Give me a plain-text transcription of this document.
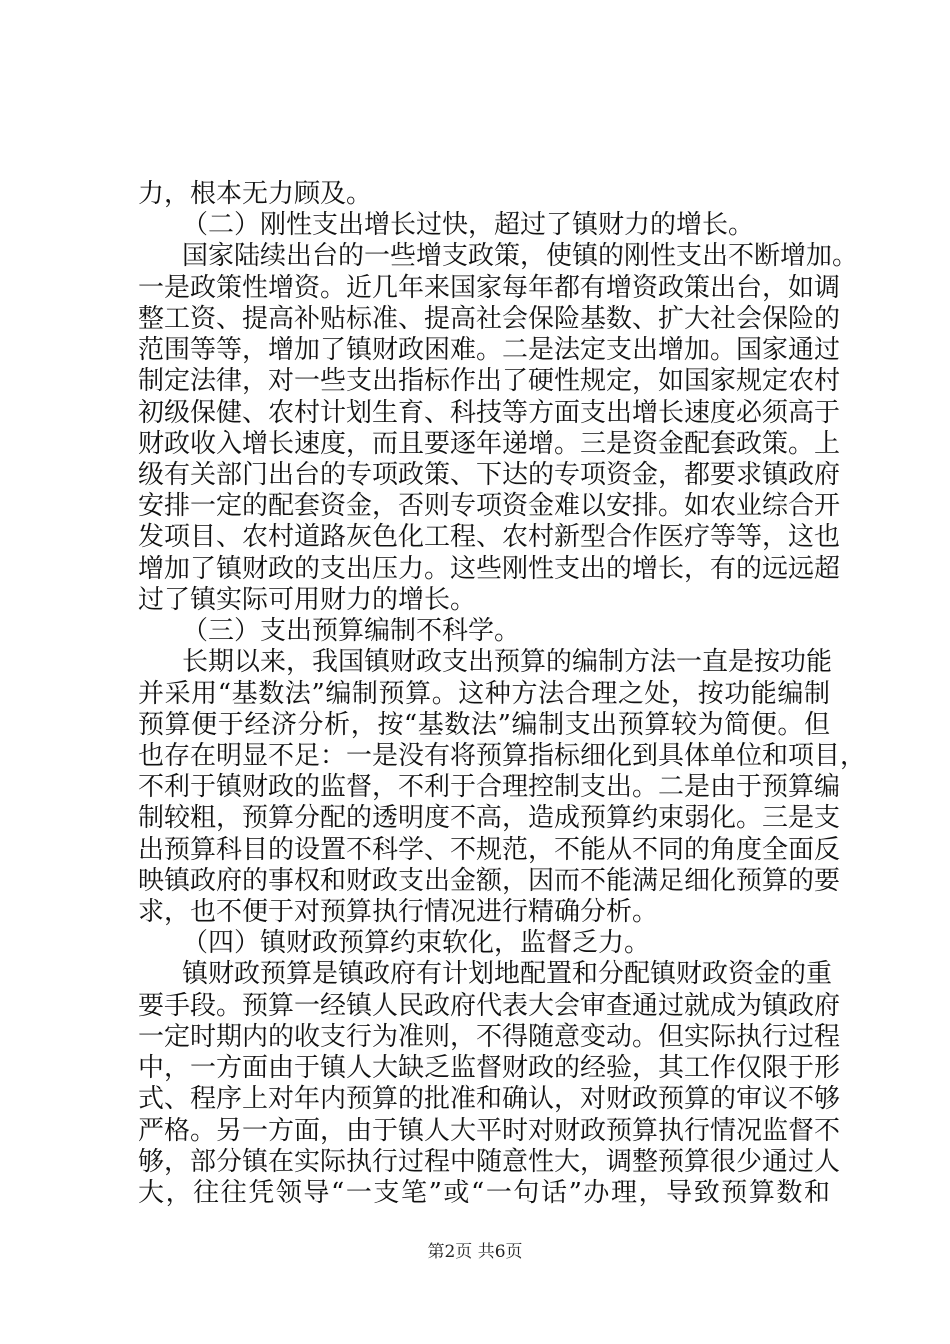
力，根本无力顾及。
（二）刚性支出增长过快，超过了镇财力的增长。
国家陆续出台的一些增支政策，使镇的刚性支出不断增加。
一是政策性增资。近几年来国家每年都有增资政策出台，如调
整工资、提高补贴标准、提高社会保险基数、扩大社会保险的
范围等等，增加了镇财政困难。二是法定支出增加。国家通过
制定法律，对一些支出指标作出了硬性规定，如国家规定农村
初级保健、农村计划生育、科技等方面支出增长速度必须高于
财政收入增长速度，而且要逐年递增。三是资金配套政策。上
级有关部门出台的专项政策、下达的专项资金，都要求镇政府
安排一定的配套资金，否则专项资金难以安排。如农业综合开
发项目、农村道路灰色化工程、农村新型合作医疗等等，这也
增加了镇财政的支出压力。这些刚性支出的增长，有的远远超
过了镇实际可用财力的增长。
（三）支出预算编制不科学。
长期以来，我国镇财政支出预算的编制方法一直是按功能
并采用“基数法”编制预算。这种方法合理之处，按功能编制
预算便于经济分析，按“基数法”编制支出预算较为简便。但
也存在明显不足：一是没有将预算指标细化到具体单位和项目，
不利于镇财政的监督，不利于合理控制支出。二是由于预算编
制较粗，预算分配的透明度不高，造成预算约束弱化。三是支
出预算科目的设置不科学、不规范，不能从不同的角度全面反
映镇政府的事权和财政支出金额，因而不能满足细化预算的要
求，也不便于对预算执行情况进行精确分析。
（四）镇财政预算约束软化，监督乏力。
镇财政预算是镇政府有计划地配置和分配镇财政资金的重
要手段。预算一经镇人民政府代表大会审查通过就成为镇政府
一定时期内的收支行为准则，不得随意变动。但实际执行过程
中，一方面由于镇人大缺乏监督财政的经验，其工作仅限于形
式、程序上对年内预算的批准和确认，对财政预算的审议不够
严格。另一方面，由于镇人大平时对财政预算执行情况监督不
够，部分镇在实际执行过程中随意性大，调整预算很少通过人
大，往往凭领导“一支笔”或“一句话”办理，导致预算数和
第2页 共6页
